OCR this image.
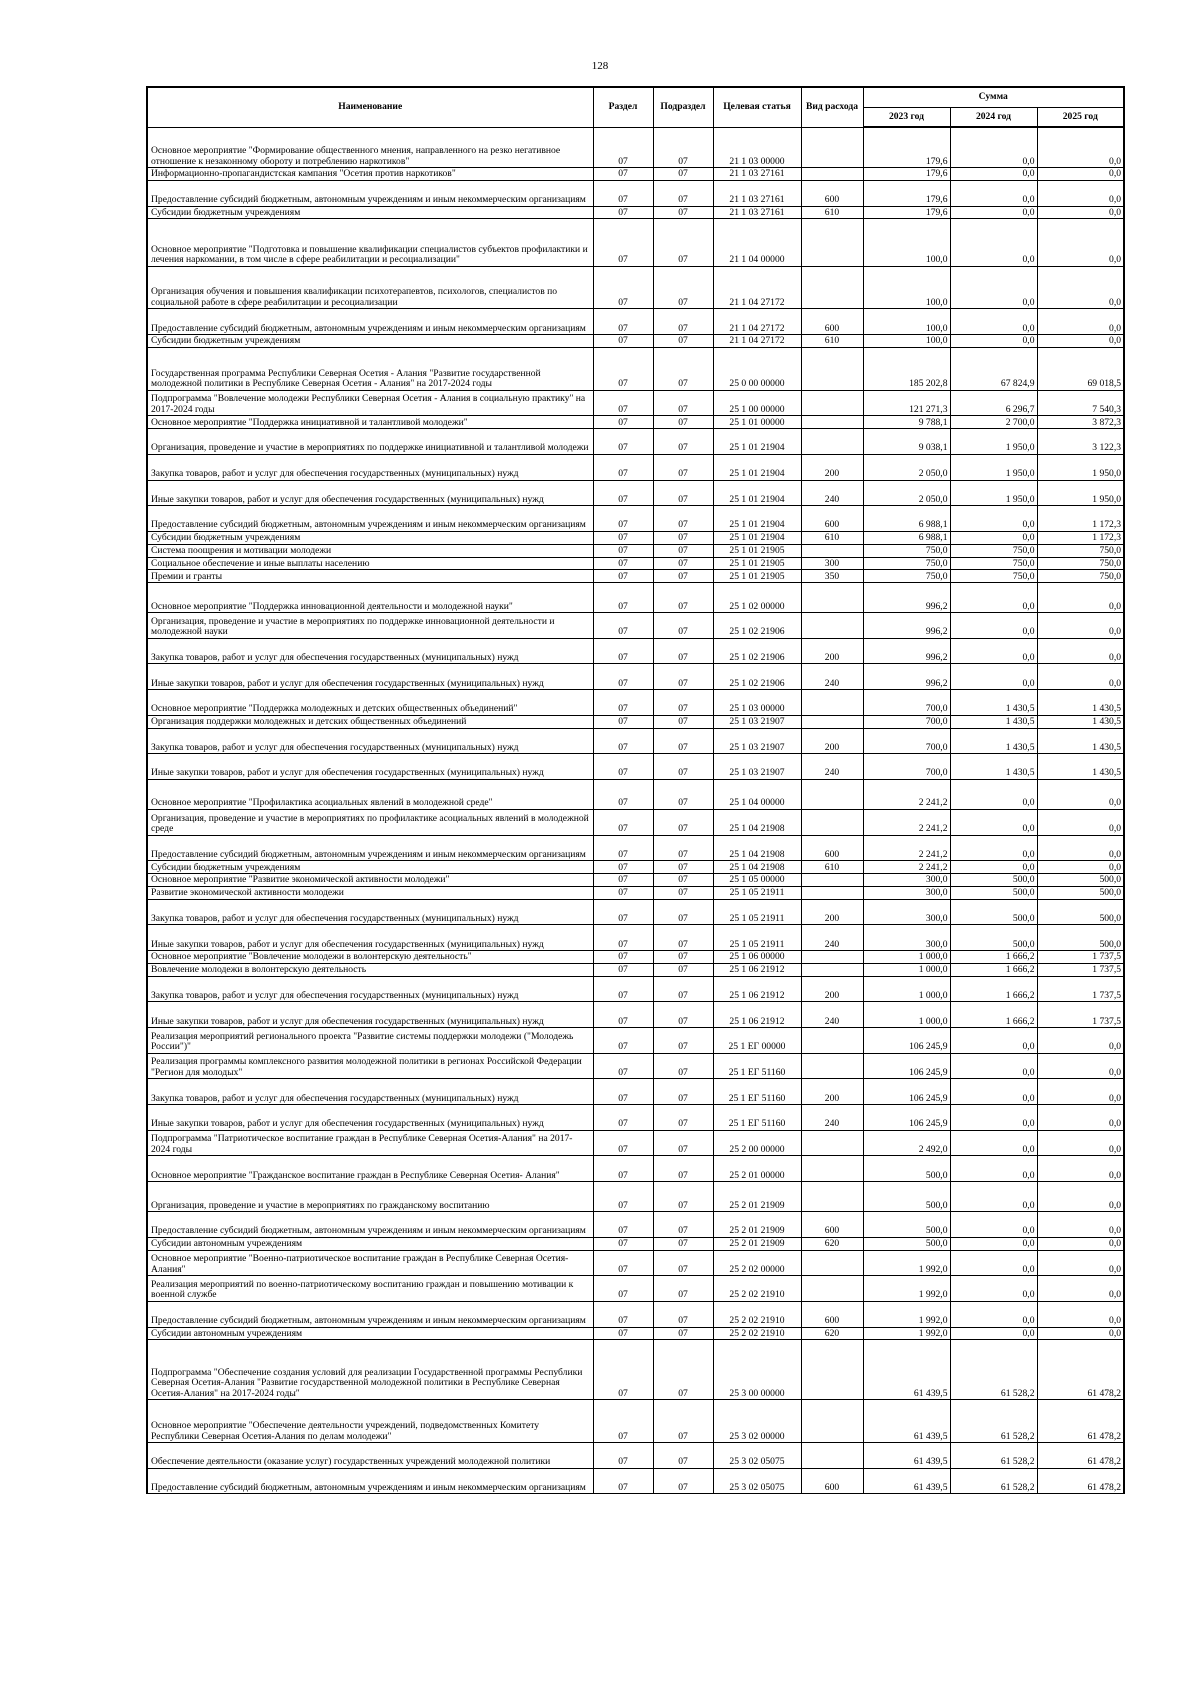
128
Наименование	Раздел	Подраздел	Целевая статья	Вид расхода	Сумма		
					2023 год	2024 год	2025 год
Основное мероприятие "Формирование общественного мнения, направленного на резко негативное отношение к незаконному обороту и потреблению наркотиков"	07	07	21 1 03 00000		179,6	0,0	0,0
Информационно-пропагандистская кампания "Осетия против наркотиков"	07	07	21 1 03 27161		179,6	0,0	0,0
Предоставление субсидий бюджетным, автономным учреждениям и иным некоммерческим организациям	07	07	21 1 03 27161	600	179,6	0,0	0,0
Субсидии бюджетным учреждениям	07	07	21 1 03 27161	610	179,6	0,0	0,0
Основное мероприятие "Подготовка и повышение квалификации специалистов субъектов профилактики и лечения наркомании, в том числе в сфере реабилитации и ресоциализации"	07	07	21 1 04 00000		100,0	0,0	0,0
Организация обучения и повышения квалификации психотерапевтов, психологов, специалистов по социальной работе в сфере реабилитации и ресоциализации	07	07	21 1 04 27172		100,0	0,0	0,0
Предоставление субсидий бюджетным, автономным учреждениям и иным некоммерческим организациям	07	07	21 1 04 27172	600	100,0	0,0	0,0
Субсидии бюджетным учреждениям	07	07	21 1 04 27172	610	100,0	0,0	0,0
Государственная программа Республики Северная Осетия - Алания "Развитие государственной молодежной политики в Республике Северная Осетия - Алания" на 2017-2024 годы	07	07	25 0 00 00000		185 202,8	67 824,9	69 018,5
Подпрограмма "Вовлечение молодежи Республики Северная Осетия - Алания в социальную практику" на 2017-2024 годы	07	07	25 1 00 00000		121 271,3	6 296,7	7 540,3
Основное мероприятие "Поддержка инициативной и талантливой молодежи"	07	07	25 1 01 00000		9 788,1	2 700,0	3 872,3
Организация, проведение и участие в мероприятиях по поддержке инициативной и талантливой молодежи	07	07	25 1 01 21904		9 038,1	1 950,0	3 122,3
Закупка товаров, работ и услуг для обеспечения государственных (муниципальных) нужд	07	07	25 1 01 21904	200	2 050,0	1 950,0	1 950,0
Иные закупки товаров, работ и услуг для обеспечения государственных (муниципальных) нужд	07	07	25 1 01 21904	240	2 050,0	1 950,0	1 950,0
Предоставление субсидий бюджетным, автономным учреждениям и иным некоммерческим организациям	07	07	25 1 01 21904	600	6 988,1	0,0	1 172,3
Субсидии бюджетным учреждениям	07	07	25 1 01 21904	610	6 988,1	0,0	1 172,3
Система поощрения и мотивации молодежи	07	07	25 1 01 21905		750,0	750,0	750,0
Социальное обеспечение и иные выплаты населению	07	07	25 1 01 21905	300	750,0	750,0	750,0
Премии и гранты	07	07	25 1 01 21905	350	750,0	750,0	750,0
Основное мероприятие "Поддержка инновационной деятельности и молодежной науки"	07	07	25 1 02 00000		996,2	0,0	0,0
Организация, проведение и участие в мероприятиях по поддержке инновационной деятельности и молодежной науки	07	07	25 1 02 21906		996,2	0,0	0,0
Закупка товаров, работ и услуг для обеспечения государственных (муниципальных) нужд	07	07	25 1 02 21906	200	996,2	0,0	0,0
Иные закупки товаров, работ и услуг для обеспечения государственных (муниципальных) нужд	07	07	25 1 02 21906	240	996,2	0,0	0,0
Основное мероприятие "Поддержка молодежных и детских общественных объединений"	07	07	25 1 03 00000		700,0	1 430,5	1 430,5
Организация поддержки молодежных и детских общественных объединений	07	07	25 1 03 21907		700,0	1 430,5	1 430,5
Закупка товаров, работ и услуг для обеспечения государственных (муниципальных) нужд	07	07	25 1 03 21907	200	700,0	1 430,5	1 430,5
Иные закупки товаров, работ и услуг для обеспечения государственных (муниципальных) нужд	07	07	25 1 03 21907	240	700,0	1 430,5	1 430,5
Основное мероприятие "Профилактика асоциальных явлений в молодежной среде"	07	07	25 1 04 00000		2 241,2	0,0	0,0
Организация, проведение и участие в мероприятиях по профилактике асоциальных явлений в молодежной среде	07	07	25 1 04 21908		2 241,2	0,0	0,0
Предоставление субсидий бюджетным, автономным учреждениям и иным некоммерческим организациям	07	07	25 1 04 21908	600	2 241,2	0,0	0,0
Субсидии бюджетным учреждениям	07	07	25 1 04 21908	610	2 241,2	0,0	0,0
Основное мероприятие "Развитие экономической активности молодежи"	07	07	25 1 05 00000		300,0	500,0	500,0
Развитие экономической активности молодежи	07	07	25 1 05 21911		300,0	500,0	500,0
Закупка товаров, работ и услуг для обеспечения государственных (муниципальных) нужд	07	07	25 1 05 21911	200	300,0	500,0	500,0
Иные закупки товаров, работ и услуг для обеспечения государственных (муниципальных) нужд	07	07	25 1 05 21911	240	300,0	500,0	500,0
Основное мероприятие "Вовлечение молодежи в волонтерскую деятельность"	07	07	25 1 06 00000		1 000,0	1 666,2	1 737,5
Вовлечение молодежи в волонтерскую деятельность	07	07	25 1 06 21912		1 000,0	1 666,2	1 737,5
Закупка товаров, работ и услуг для обеспечения государственных (муниципальных) нужд	07	07	25 1 06 21912	200	1 000,0	1 666,2	1 737,5
Иные закупки товаров, работ и услуг для обеспечения государственных (муниципальных) нужд	07	07	25 1 06 21912	240	1 000,0	1 666,2	1 737,5
Реализация мероприятий регионального проекта "Развитие системы поддержки молодежи ("Молодежь России")"	07	07	25 1 ЕГ 00000		106 245,9	0,0	0,0
Реализация программы комплексного развития молодежной политики в регионах Российской Федерации "Регион для молодых"	07	07	25 1 ЕГ 51160		106 245,9	0,0	0,0
Закупка товаров, работ и услуг для обеспечения государственных (муниципальных) нужд	07	07	25 1 ЕГ 51160	200	106 245,9	0,0	0,0
Иные закупки товаров, работ и услуг для обеспечения государственных (муниципальных) нужд	07	07	25 1 ЕГ 51160	240	106 245,9	0,0	0,0
Подпрограмма "Патриотическое воспитание граждан в Республике Северная Осетия-Алания" на 2017-2024 годы	07	07	25 2 00 00000		2 492,0	0,0	0,0
Основное мероприятие "Гражданское воспитание граждан в Республике Северная Осетия- Алания"	07	07	25 2 01 00000		500,0	0,0	0,0
Организация, проведение и участие в мероприятиях по гражданскому воспитанию	07	07	25 2 01 21909		500,0	0,0	0,0
Предоставление субсидий бюджетным, автономным учреждениям и иным некоммерческим организациям	07	07	25 2 01 21909	600	500,0	0,0	0,0
Субсидии автономным учреждениям	07	07	25 2 01 21909	620	500,0	0,0	0,0
Основное мероприятие "Военно-патриотическое воспитание граждан в Республике Северная Осетия- Алания"	07	07	25 2 02 00000		1 992,0	0,0	0,0
Реализация мероприятий по военно-патриотическому воспитанию граждан и повышению мотивации к военной службе	07	07	25 2 02 21910		1 992,0	0,0	0,0
Предоставление субсидий бюджетным, автономным учреждениям и иным некоммерческим организациям	07	07	25 2 02 21910	600	1 992,0	0,0	0,0
Субсидии автономным учреждениям	07	07	25 2 02 21910	620	1 992,0	0,0	0,0
Подпрограмма "Обеспечение создания условий для реализации Государственной программы Республики Северная Осетия-Алания "Развитие государственной молодежной политики в Республике Северная Осетия-Алания" на 2017-2024 годы"	07	07	25 3 00 00000		61 439,5	61 528,2	61 478,2
Основное мероприятие "Обеспечение деятельности учреждений, подведомственных Комитету Республики Северная Осетия-Алания по делам молодежи"	07	07	25 3 02 00000		61 439,5	61 528,2	61 478,2
Обеспечение деятельности (оказание услуг) государственных учреждений молодежной политики	07	07	25 3 02 05075		61 439,5	61 528,2	61 478,2
Предоставление субсидий бюджетным, автономным учреждениям и иным некоммерческим организациям	07	07	25 3 02 05075	600	61 439,5	61 528,2	61 478,2
